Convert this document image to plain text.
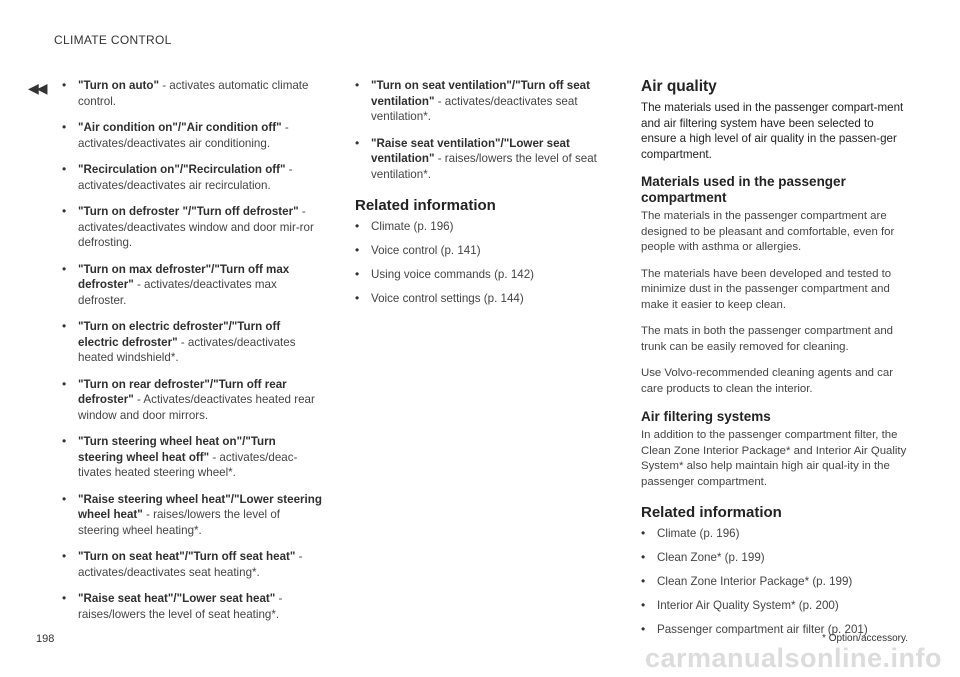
CLIMATE CONTROL
◀◀ • "Turn on auto" - activates automatic climate control.
• "Air condition on"/"Air condition off" - activates/deactivates air conditioning.
• "Recirculation on"/"Recirculation off" - activates/deactivates air recirculation.
• "Turn on defroster "/"Turn off defroster" - activates/deactivates window and door mir-ror defrosting.
• "Turn on max defroster"/"Turn off max defroster" - activates/deactivates max defroster.
• "Turn on electric defroster"/"Turn off electric defroster" - activates/deactivates heated windshield*.
• "Turn on rear defroster"/"Turn off rear defroster" - Activates/deactivates heated rear window and door mirrors.
• "Turn steering wheel heat on"/"Turn steering wheel heat off" - activates/deac-tivates heated steering wheel*.
• "Raise steering wheel heat"/"Lower steering wheel heat" - raises/lowers the level of steering wheel heating*.
• "Turn on seat heat"/"Turn off seat heat" - activates/deactivates seat heating*.
• "Raise seat heat"/"Lower seat heat" - raises/lowers the level of seat heating*.
• "Turn on seat ventilation"/"Turn off seat ventilation" - activates/deactivates seat ventilation*.
• "Raise seat ventilation"/"Lower seat ventilation" - raises/lowers the level of seat ventilation*.
Related information
• Climate (p. 196)
• Voice control (p. 141)
• Using voice commands (p. 142)
• Voice control settings (p. 144)
Air quality

The materials used in the passenger compart-ment and air filtering system have been selected to ensure a high level of air quality in the passen-ger compartment.

Materials used in the passenger compartment

The materials in the passenger compartment are designed to be pleasant and comfortable, even for people with asthma or allergies.

The materials have been developed and tested to minimize dust in the passenger compartment and make it easier to keep clean.

The mats in both the passenger compartment and trunk can be easily removed for cleaning.

Use Volvo-recommended cleaning agents and car care products to clean the interior.

Air filtering systems

In addition to the passenger compartment filter, the Clean Zone Interior Package* and Interior Air Quality System* also help maintain high air qual-ity in the passenger compartment.

Related information
• Climate (p. 196)
• Clean Zone* (p. 199)
• Clean Zone Interior Package* (p. 199)
• Interior Air Quality System* (p. 200)
• Passenger compartment air filter (p. 201)
198	* Option/accessory.
carmanualsonline.info
